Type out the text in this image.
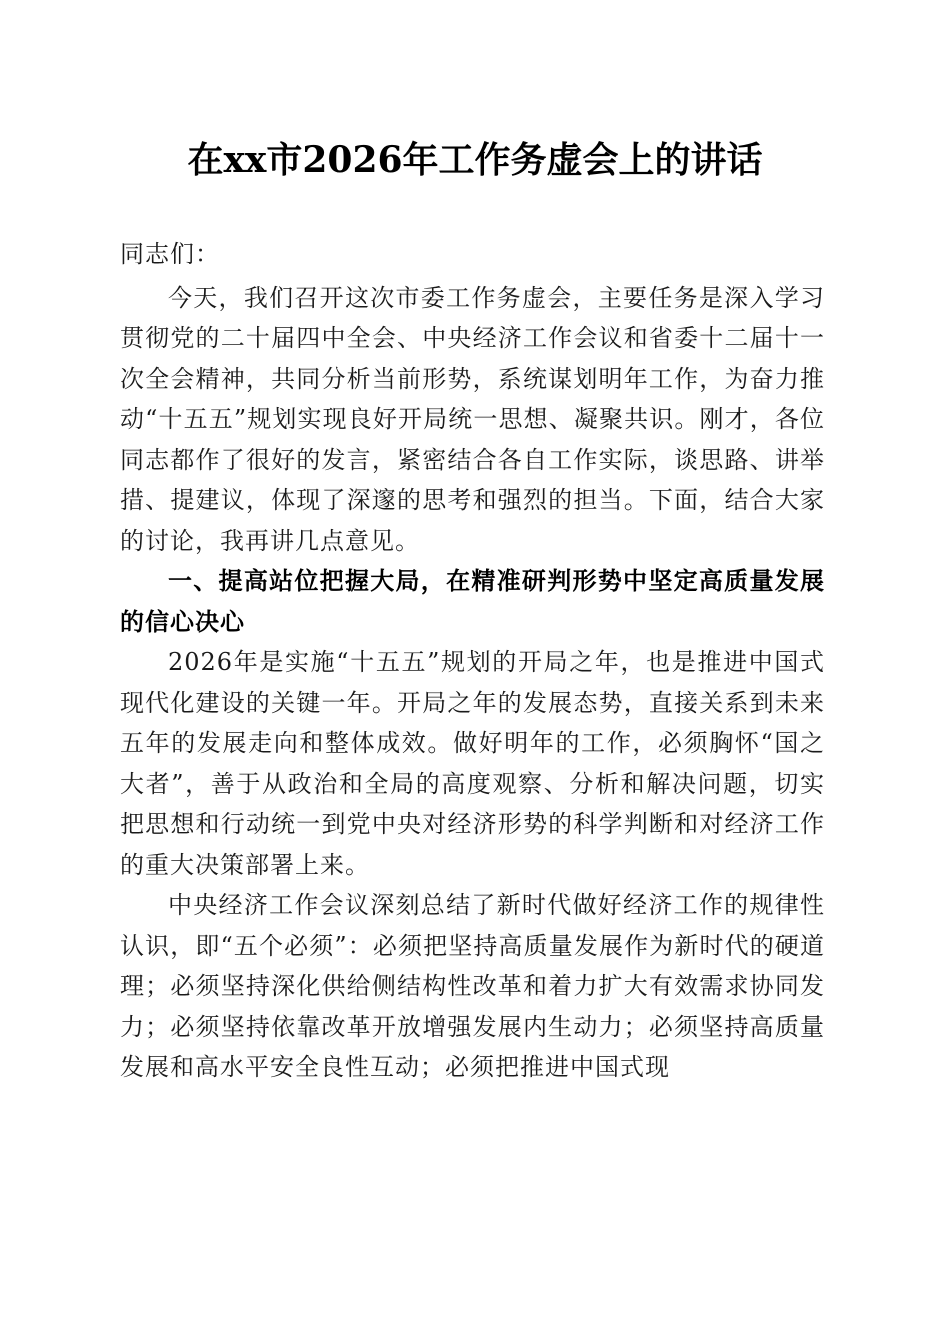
在xx市2026年工作务虚会上的讲话

同志们：

今天，我们召开这次市委工作务虚会，主要任务是深入学习贯彻党的二十届四中全会、中央经济工作会议和省委十二届十一次全会精神，共同分析当前形势，系统谋划明年工作，为奋力推动“十五五”规划实现良好开局统一思想、凝聚共识。刚才，各位同志都作了很好的发言，紧密结合各自工作实际，谈思路、讲举措、提建议，体现了深邃的思考和强烈的担当。下面，结合大家的讨论，我再讲几点意见。

一、提高站位把握大局，在精准研判形势中坚定高质量发展的信心决心

2026年是实施“十五五”规划的开局之年，也是推进中国式现代化建设的关键一年。开局之年的发展态势，直接关系到未来五年的发展走向和整体成效。做好明年的工作，必须胸怀“国之大者”，善于从政治和全局的高度观察、分析和解决问题，切实把思想和行动统一到党中央对经济形势的科学判断和对经济工作的重大决策部署上来。

中央经济工作会议深刻总结了新时代做好经济工作的规律性认识，即“五个必须”：必须把坚持高质量发展作为新时代的硬道理；必须坚持深化供给侧结构性改革和着力扩大有效需求协同发力；必须坚持依靠改革开放增强发展内生动力；必须坚持高质量发展和高水平安全良性互动；必须把推进中国式现
